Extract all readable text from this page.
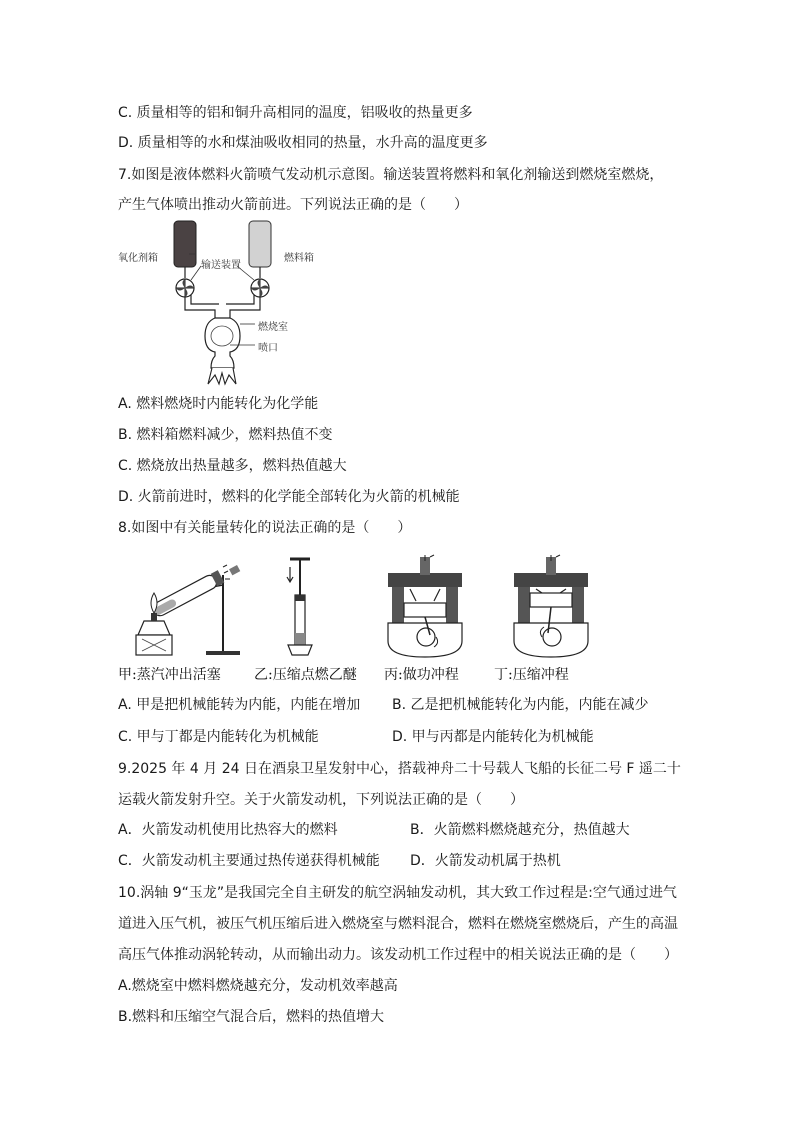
C. 质量相等的铝和铜升高相同的温度，铝吸收的热量更多
D. 质量相等的水和煤油吸收相同的热量，水升高的温度更多
7.如图是液体燃料火箭喷气发动机示意图。输送装置将燃料和氧化剂输送到燃烧室燃烧，
产生气体喷出推动火箭前进。下列说法正确的是（　　）
氧化剂箱	燃料箱
输送装置
燃烧室
喷口
A. 燃料燃烧时内能转化为化学能
B. 燃料箱燃料减少，燃料热值不变
C. 燃烧放出热量越多，燃料热值越大
D. 火箭前进时，燃料的化学能全部转化为火箭的机械能
8.如图中有关能量转化的说法正确的是（　　）
甲:蒸汽冲出活塞 乙:压缩点燃乙醚 丙:做功冲程	丁:压缩冲程
A. 甲是把机械能转为内能，内能在增加 B. 乙是把机械能转化为内能，内能在减少
C. 甲与丁都是内能转化为机械能	D. 甲与丙都是内能转化为机械能
9.2025 年 4 月 24 日在酒泉卫星发射中心，搭载神舟二十号载人飞船的长征二号 F 遥二十
运载火箭发射升空。关于火箭发动机，下列说法正确的是（　　）
A．火箭发动机使用比热容大的燃料	B．火箭燃料燃烧越充分，热值越大
C．火箭发动机主要通过热传递获得机械能 D．火箭发动机属于热机
10.涡轴 9“玉龙”是我国完全自主研发的航空涡轴发动机，其大致工作过程是:空气通过进气
道进入压气机，被压气机压缩后进入燃烧室与燃料混合，燃料在燃烧室燃烧后，产生的高温
高压气体推动涡轮转动，从而输出动力。该发动机工作过程中的相关说法正确的是（　　）
A.燃烧室中燃料燃烧越充分，发动机效率越高
B.燃料和压缩空气混合后，燃料的热值增大
